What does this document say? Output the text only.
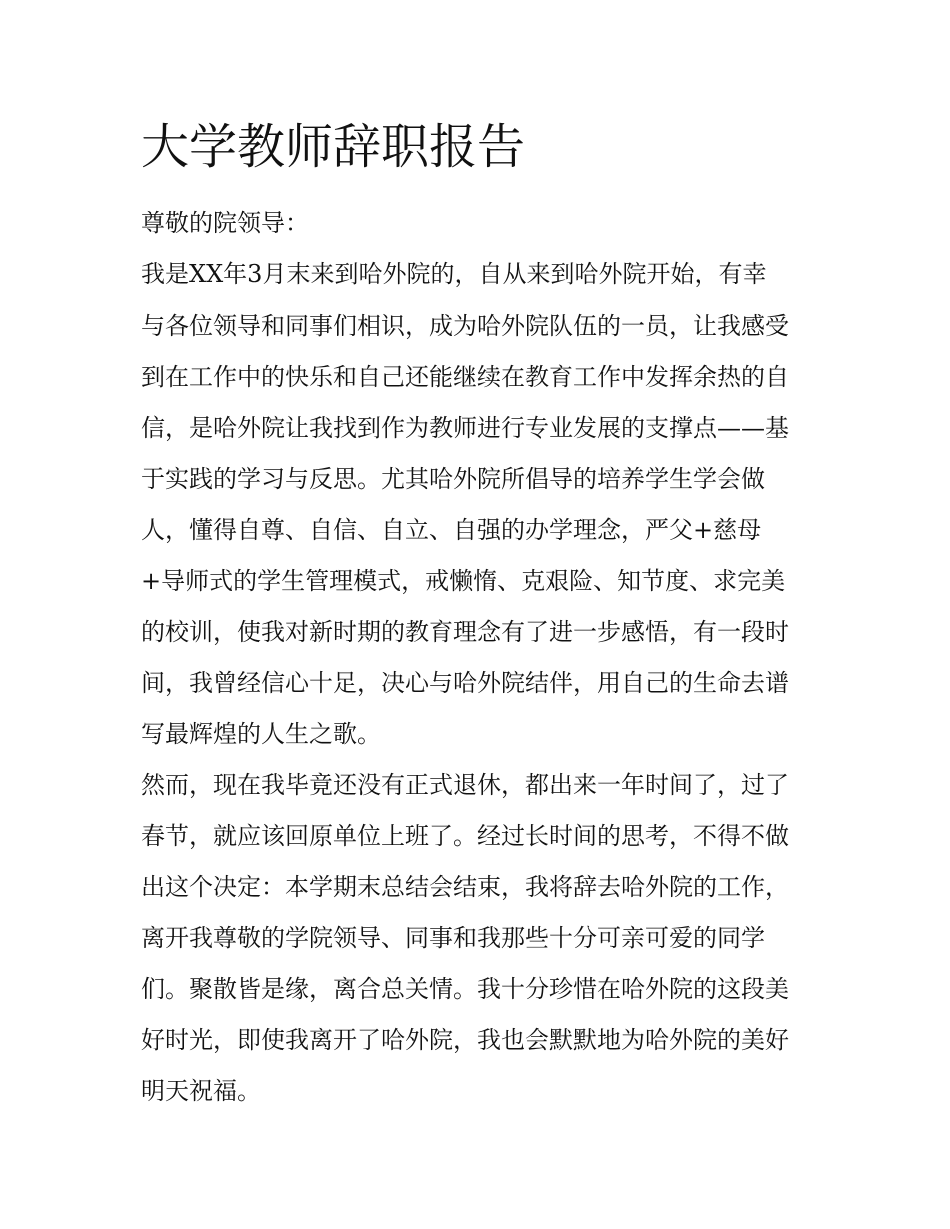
大学教师辞职报告

尊敬的院领导：

我是XX年3月末来到哈外院的，自从来到哈外院开始，有幸

与各位领导和同事们相识，成为哈外院队伍的一员，让我感受

到在工作中的快乐和自己还能继续在教育工作中发挥余热的自

信，是哈外院让我找到作为教师进行专业发展的支撑点——基

于实践的学习与反思。尤其哈外院所倡导的培养学生学会做

人，懂得自尊、自信、自立、自强的办学理念，严父+慈母

+导师式的学生管理模式，戒懒惰、克艰险、知节度、求完美

的校训，使我对新时期的教育理念有了进一步感悟，有一段时

间，我曾经信心十足，决心与哈外院结伴，用自己的生命去谱

写最辉煌的人生之歌。

然而，现在我毕竟还没有正式退休，都出来一年时间了，过了

春节，就应该回原单位上班了。经过长时间的思考，不得不做

出这个决定：本学期末总结会结束，我将辞去哈外院的工作，

离开我尊敬的学院领导、同事和我那些十分可亲可爱的同学

们。聚散皆是缘，离合总关情。我十分珍惜在哈外院的这段美

好时光，即使我离开了哈外院，我也会默默地为哈外院的美好

明天祝福。
